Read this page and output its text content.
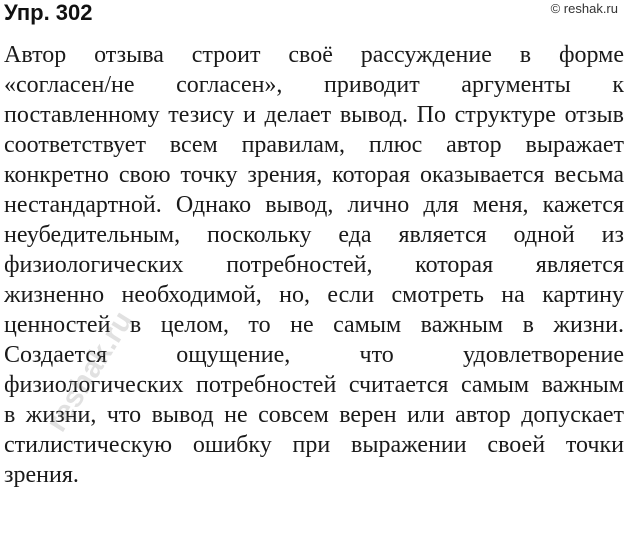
Упр. 302	© reshak.ru
Автор отзыва строит своё рассуждение в форме
«согласен/не согласен», приводит аргументы к
поставленному тезису и делает вывод. По структуре отзыв
соответствует всем правилам, плюс автор выражает
конкретно свою точку зрения, которая оказывается весьма
нестандартной. Однако вывод, лично для меня, кажется
неубедительным, поскольку еда является одной из
физиологических потребностей, которая является
жизненно необходимой, но, если смотреть на картину
ценностей в целом, то не самым важным в жизни.
Создается ощущение, что удовлетворение
физиологических потребностей считается самым важным
в жизни, что вывод не совсем верен или автор допускает
стилистическую ошибку при выражении своей точки
зрения.
reshak.ru
